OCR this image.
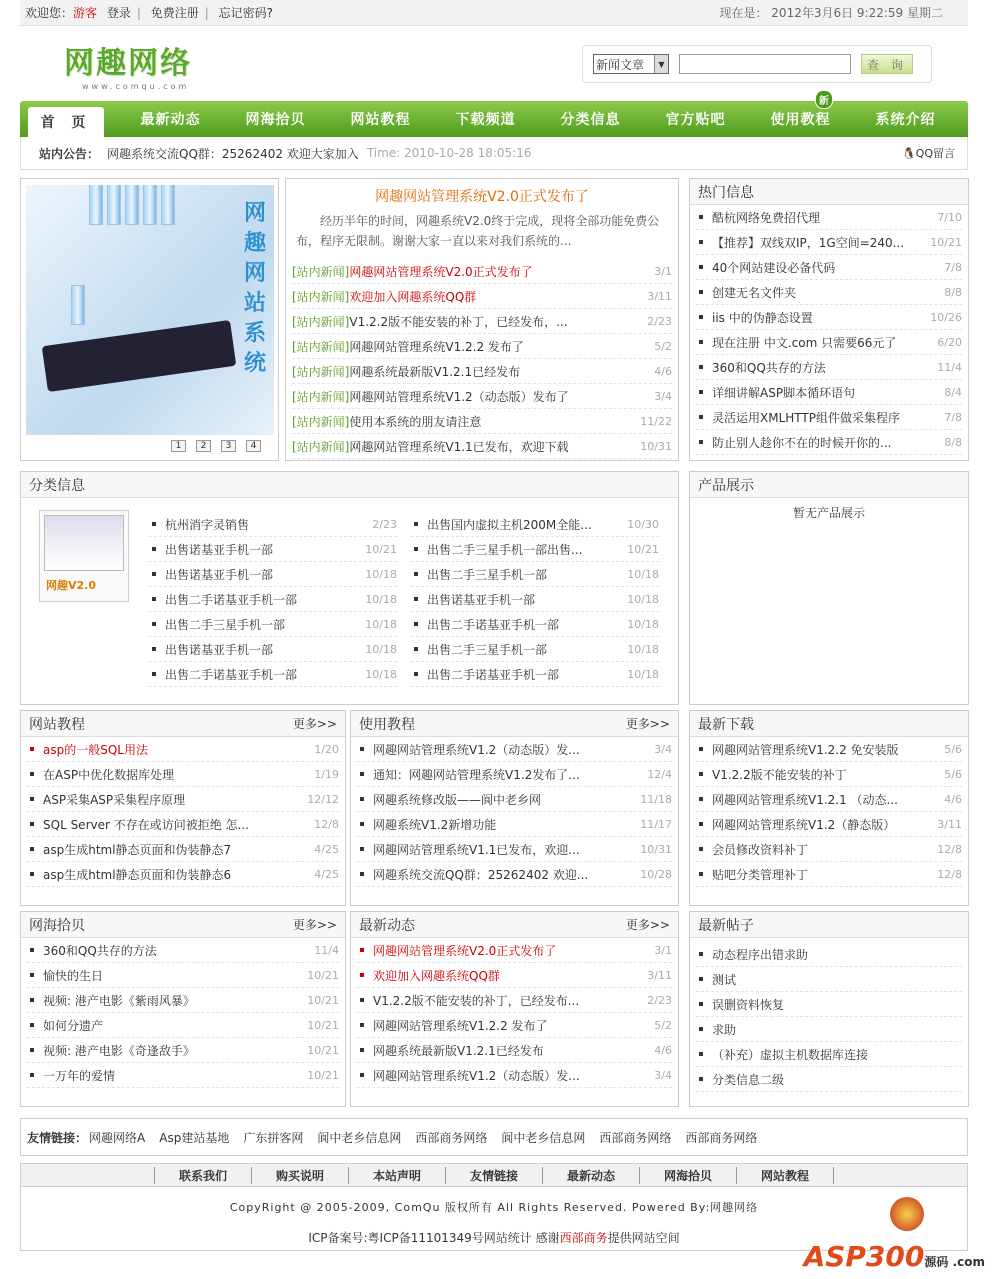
欢迎您：游客 登录 | 免费注册 | 忘记密码?	现在是： 2012年3月6日 9:22:59 星期二
网趣网络
www.comqu.com
新闻文章	▼	查 询
首 页	最新动态	网海拾贝	网站教程	下载频道	分类信息	官方贴吧	使用教程
新
系统介绍
站内公告： 网趣系统交流QQ群：25262402 欢迎大家加入 Time: 2010-10-28 18:05:16	🐧QQ留言
网趣网站系统
1	2	3	4
网趣网站管理系统V2.0正式发布了
经历半年的时间，网趣系统V2.0终于完成，现将全部功能免费公布，程序无限制。谢谢大家一直以来对我们系统的...
[站内新闻]网趣网站管理系统V2.0正式发布了	3/1
[站内新闻]欢迎加入网趣系统QQ群	3/11
[站内新闻]V1.2.2版不能安装的补丁，已经发布，...	2/23
[站内新闻]网趣网站管理系统V1.2.2 发布了	5/2
[站内新闻]网趣系统最新版V1.2.1已经发布	4/6
[站内新闻]网趣网站管理系统V1.2（动态版）发布了	3/4
[站内新闻]使用本系统的朋友请注意	11/22
[站内新闻]网趣网站管理系统V1.1已发布，欢迎下载	10/31
热门信息
酷杭网络免费招代理	7/10
【推荐】双线双IP，1G空间=240...	10/21
40个网站建设必备代码	7/8
创建无名文件夹	8/8
iis 中的伪静态设置	10/26
现在注册 中文.com 只需要66元了	6/20
360和QQ共存的方法	11/4
详细讲解ASP脚本循环语句	8/4
灵活运用XMLHTTP组件做采集程序	7/8
防止别人趁你不在的时候开你的...	8/8
分类信息
网趣V2.0
杭州消字灵销售	2/23
出售诺基亚手机一部	10/21
出售诺基亚手机一部	10/18
出售二手诺基亚手机一部	10/18
出售二手三星手机一部	10/18
出售诺基亚手机一部	10/18
出售二手诺基亚手机一部	10/18
出售国内虚拟主机200M全能...	10/30
出售二手三星手机一部出售...	10/21
出售二手三星手机一部	10/18
出售诺基亚手机一部	10/18
出售二手诺基亚手机一部	10/18
出售二手三星手机一部	10/18
出售二手诺基亚手机一部	10/18
产品展示
暂无产品展示
网站教程	更多>>
asp的一般SQL用法	1/20
在ASP中优化数据库处理	1/19
ASP采集ASP采集程序原理	12/12
SQL Server 不存在或访问被拒绝 怎...	12/8
asp生成html静态页面和伪装静态7	4/25
asp生成html静态页面和伪装静态6	4/25
使用教程	更多>>
网趣网站管理系统V1.2（动态版）发...	3/4
通知：网趣网站管理系统V1.2发布了...	12/4
网趣系统修改版——阆中老乡网	11/18
网趣系统V1.2新增功能	11/17
网趣网站管理系统V1.1已发布，欢迎...	10/31
网趣系统交流QQ群：25262402 欢迎...	10/28
最新下载
网趣网站管理系统V1.2.2 免安装版	5/6
V1.2.2版不能安装的补丁	5/6
网趣网站管理系统V1.2.1 （动态...	4/6
网趣网站管理系统V1.2（静态版）	3/11
会员修改资料补丁	12/8
贴吧分类管理补丁	12/8
网海拾贝	更多>>
360和QQ共存的方法	11/4
愉快的生日	10/21
视频: 港产电影《紫雨风暴》	10/21
如何分遗产	10/21
视频: 港产电影《奇逢敌手》	10/21
一万年的爱情	10/21
最新动态	更多>>
网趣网站管理系统V2.0正式发布了	3/1
欢迎加入网趣系统QQ群	3/11
V1.2.2版不能安装的补丁，已经发布...	2/23
网趣网站管理系统V1.2.2 发布了	5/2
网趣系统最新版V1.2.1已经发布	4/6
网趣网站管理系统V1.2（动态版）发...	3/4
最新帖子
动态程序出错求助
测试
误删资料恢复
求助
（补充）虚拟主机数据库连接
分类信息二级
友情链接： 网趣网络A Asp建站基地 广东拼客网 阆中老乡信息网 西部商务网络 阆中老乡信息网 西部商务网络 西部商务网络
联系我们	购买说明	本站声明	友情链接	最新动态	网海拾贝	网站教程
CopyRight @ 2005-2009, ComQu 版权所有 All Rights Reserved. Powered By:网趣网络
ICP备案号:粤ICP备11101349号网站统计 感谢西部商务提供网站空间
ASP300源码 .com
